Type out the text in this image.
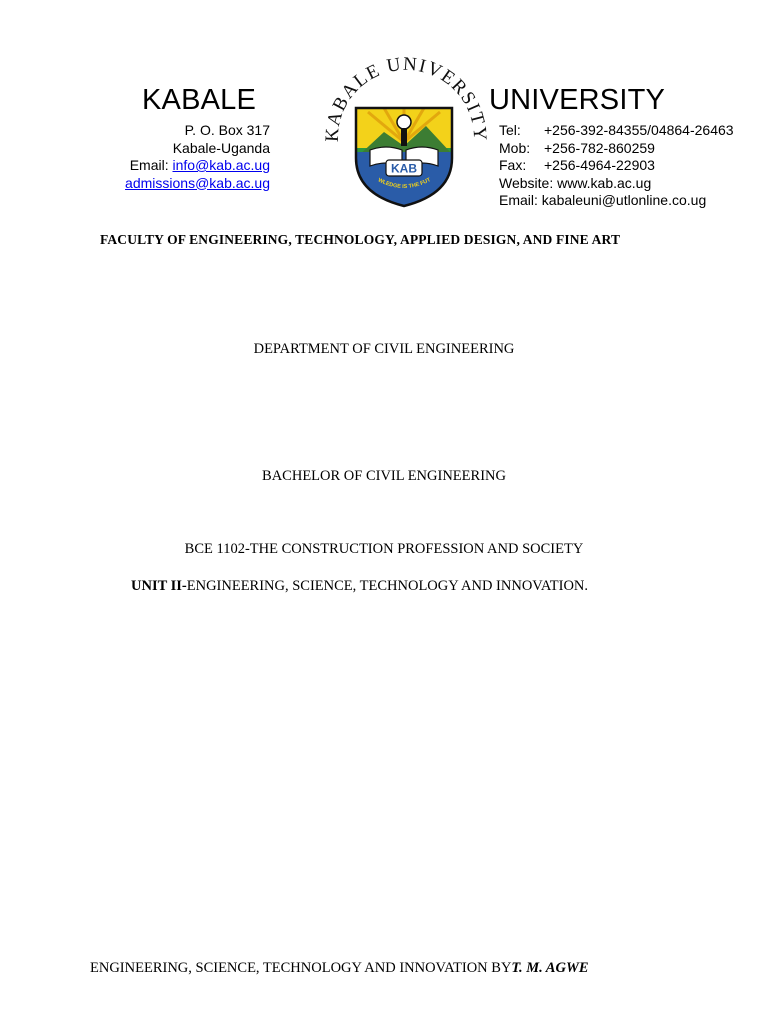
KABALE	UNIVERSITY
P. O. Box 317
Kabale-Uganda
Email: info@kab.ac.ug
admissions@kab.ac.ug
Tel:	+256-392-84355/04864-26463
Mob: +256-782-860259
Fax:	+256-4964-22903
Website: www.kab.ac.ug
Email: kabaleuni@utlonline.co.ug
KABALE UNIVERSITY
KAB
WLEDGE IS THE FUT
FACULTY OF ENGINEERING, TECHNOLOGY, APPLIED DESIGN, AND FINE ART
DEPARTMENT OF CIVIL ENGINEERING
BACHELOR OF CIVIL ENGINEERING
BCE 1102-THE CONSTRUCTION PROFESSION AND SOCIETY
UNIT II-ENGINEERING, SCIENCE, TECHNOLOGY AND INNOVATION.
ENGINEERING, SCIENCE, TECHNOLOGY AND INNOVATION BYT. M. AGWE
